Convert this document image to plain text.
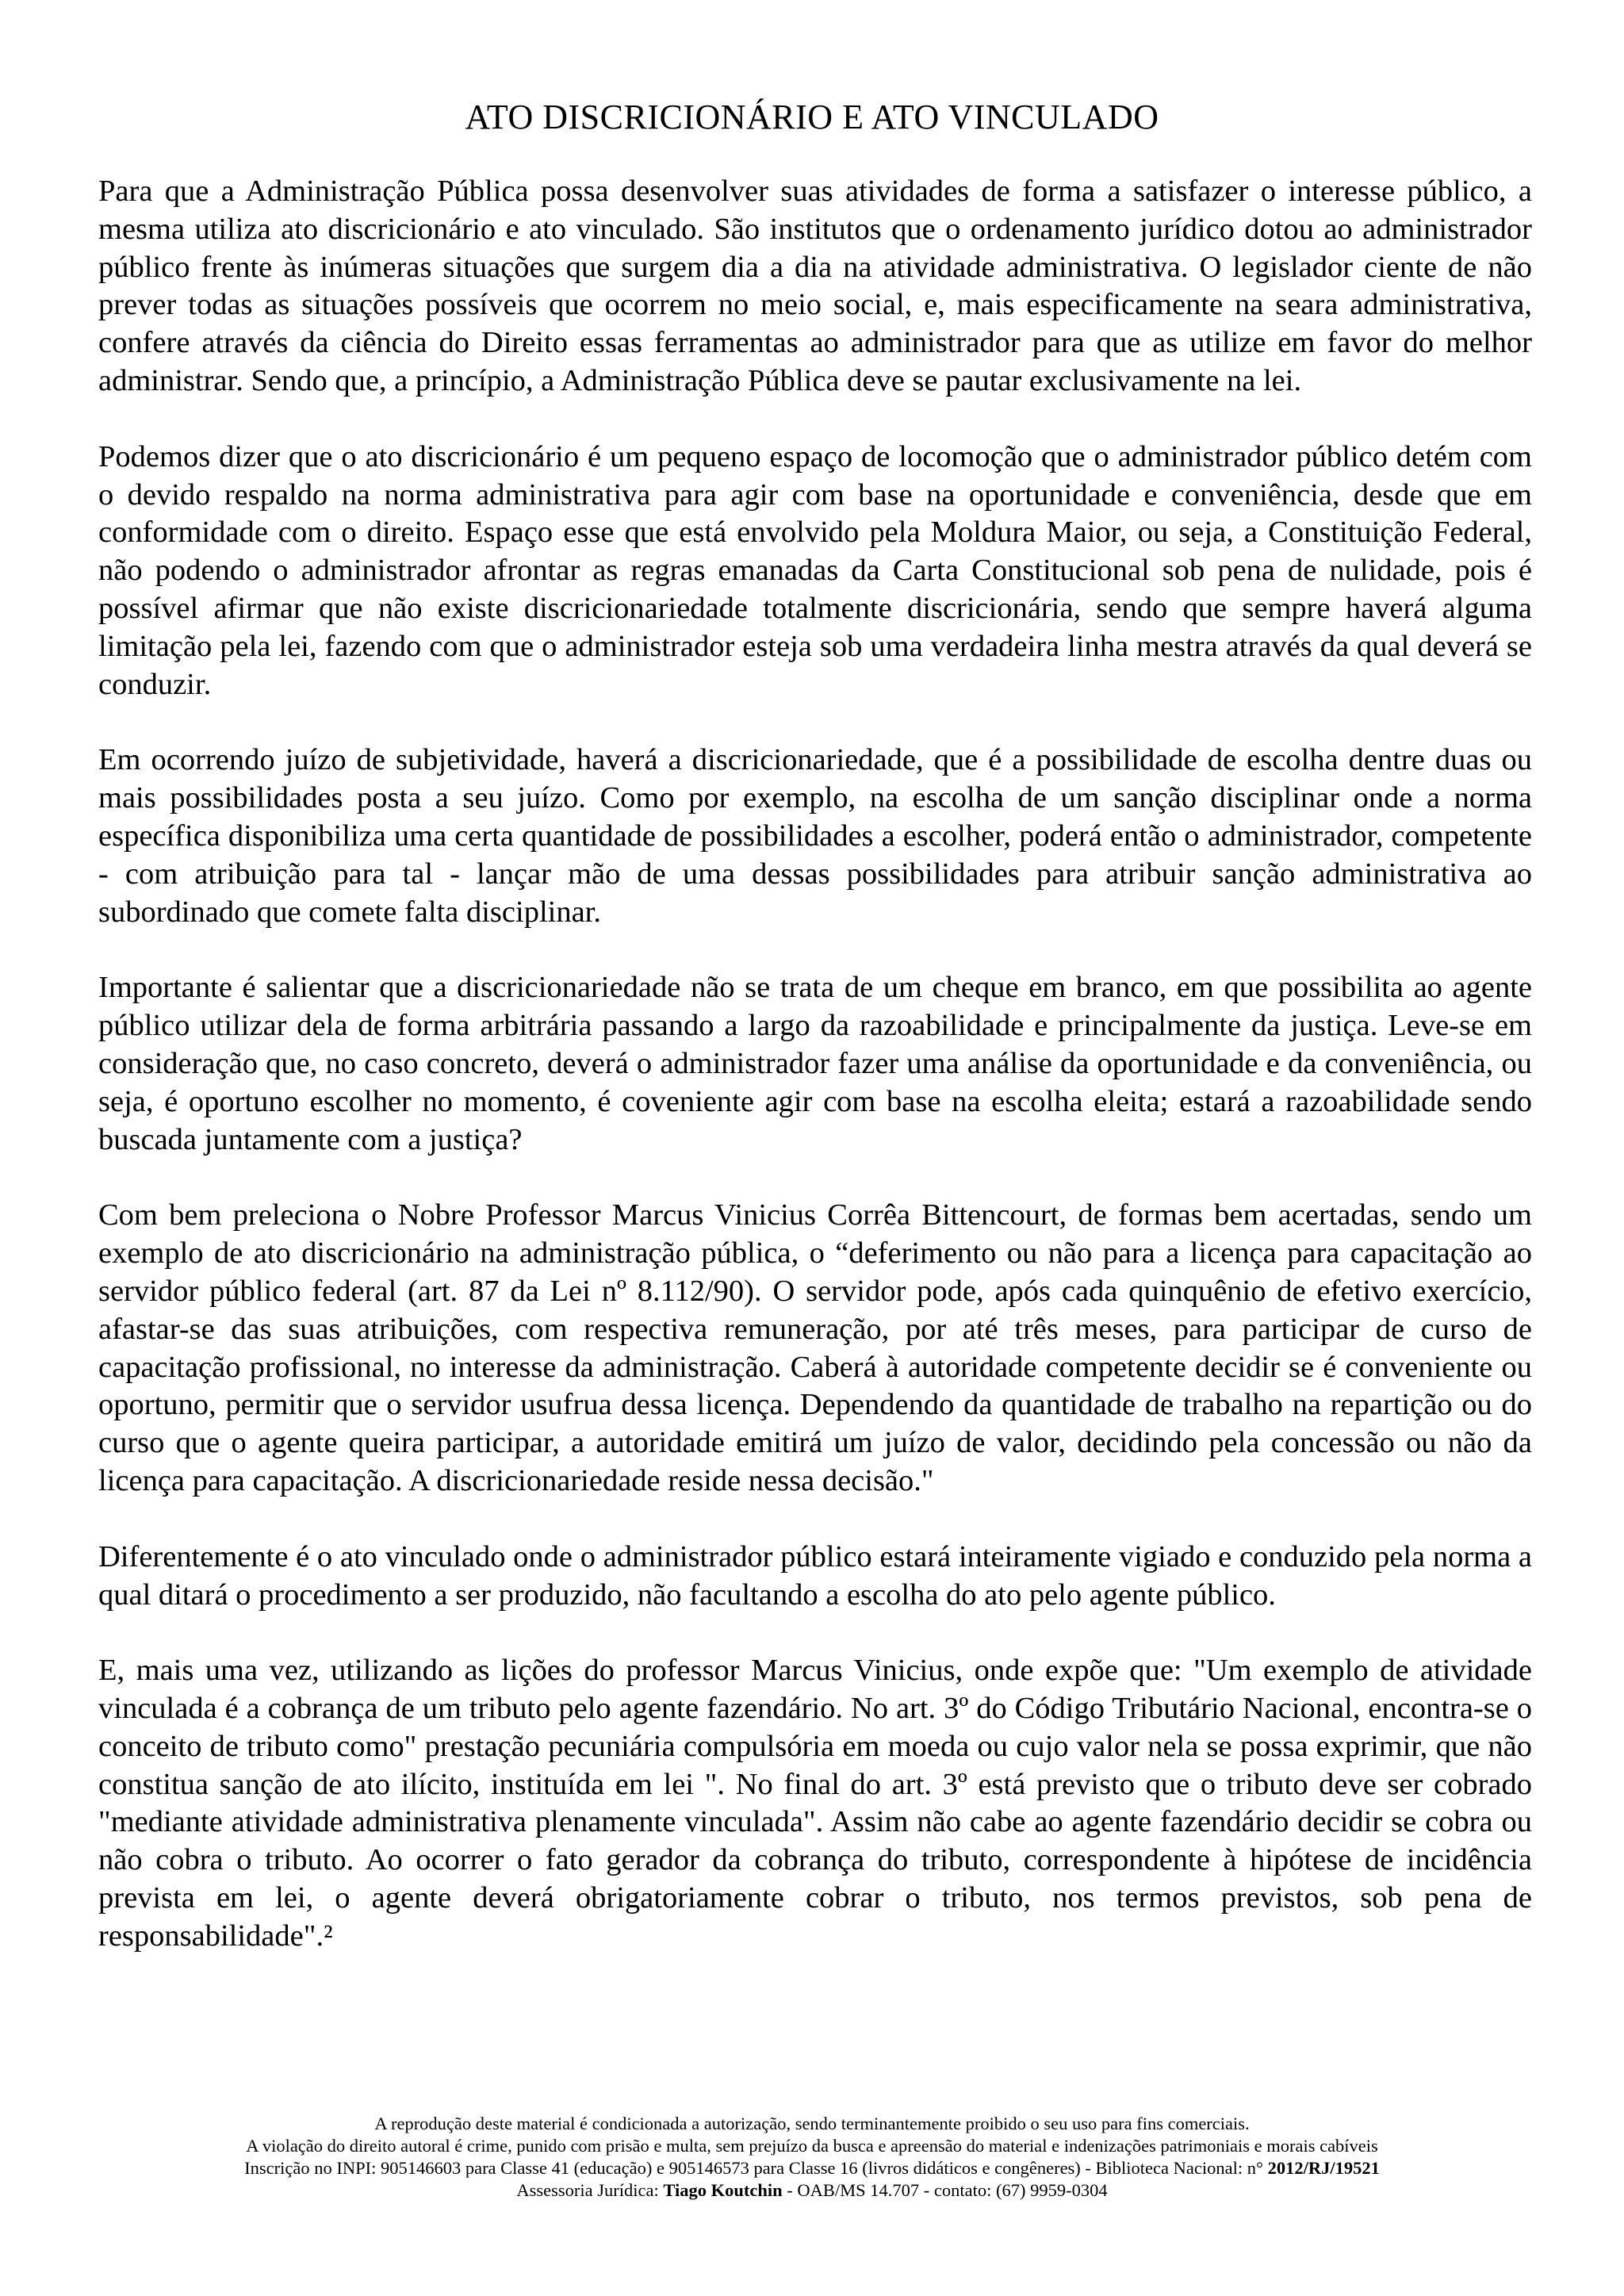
ATO DISCRICIONÁRIO E ATO VINCULADO

Para que a Administração Pública possa desenvolver suas atividades de forma a satisfazer o interesse público, a mesma utiliza ato discricionário e ato vinculado. São institutos que o ordenamento jurídico dotou ao administrador público frente às inúmeras situações que surgem dia a dia na atividade administrativa. O legislador ciente de não prever todas as situações possíveis que ocorrem no meio social, e, mais especificamente na seara administrativa, confere através da ciência do Direito essas ferramentas ao administrador para que as utilize em favor do melhor administrar. Sendo que, a princípio, a Administração Pública deve se pautar exclusivamente na lei.

Podemos dizer que o ato discricionário é um pequeno espaço de locomoção que o administrador público detém com o devido respaldo na norma administrativa para agir com base na oportunidade e conveniência, desde que em conformidade com o direito. Espaço esse que está envolvido pela Moldura Maior, ou seja, a Constituição Federal, não podendo o administrador afrontar as regras emanadas da Carta Constitucional sob pena de nulidade, pois é possível afirmar que não existe discricionariedade totalmente discricionária, sendo que sempre haverá alguma limitação pela lei, fazendo com que o administrador esteja sob uma verdadeira linha mestra através da qual deverá se conduzir.

Em ocorrendo juízo de subjetividade, haverá a discricionariedade, que é a possibilidade de escolha dentre duas ou mais possibilidades posta a seu juízo. Como por exemplo, na escolha de um sanção disciplinar onde a norma específica disponibiliza uma certa quantidade de possibilidades a escolher, poderá então o administrador, competente - com atribuição para tal - lançar mão de uma dessas possibilidades para atribuir sanção administrativa ao subordinado que comete falta disciplinar.

Importante é salientar que a discricionariedade não se trata de um cheque em branco, em que possibilita ao agente público utilizar dela de forma arbitrária passando a largo da razoabilidade e principalmente da justiça. Leve-se em consideração que, no caso concreto, deverá o administrador fazer uma análise da oportunidade e da conveniência, ou seja, é oportuno escolher no momento, é coveniente agir com base na escolha eleita; estará a razoabilidade sendo buscada juntamente com a justiça?

Com bem preleciona o Nobre Professor Marcus Vinicius Corrêa Bittencourt, de formas bem acertadas, sendo um exemplo de ato discricionário na administração pública, o “deferimento ou não para a licença para capacitação ao servidor público federal (art. 87 da Lei nº 8.112/90). O servidor pode, após cada quinquênio de efetivo exercício, afastar-se das suas atribuições, com respectiva remuneração, por até três meses, para participar de curso de capacitação profissional, no interesse da administração. Caberá à autoridade competente decidir se é conveniente ou oportuno, permitir que o servidor usufrua dessa licença. Dependendo da quantidade de trabalho na repartição ou do curso que o agente queira participar, a autoridade emitirá um juízo de valor, decidindo pela concessão ou não da licença para capacitação. A discricionariedade reside nessa decisão."

Diferentemente é o ato vinculado onde o administrador público estará inteiramente vigiado e conduzido pela norma a qual ditará o procedimento a ser produzido, não facultando a escolha do ato pelo agente público.

E, mais uma vez, utilizando as lições do professor Marcus Vinicius, onde expõe que: "Um exemplo de atividade vinculada é a cobrança de um tributo pelo agente fazendário. No art. 3º do Código Tributário Nacional, encontra-se o conceito de tributo como" prestação pecuniária compulsória em moeda ou cujo valor nela se possa exprimir, que não constitua sanção de ato ilícito, instituída em lei ". No final do art. 3º está previsto que o tributo deve ser cobrado "mediante atividade administrativa plenamente vinculada". Assim não cabe ao agente fazendário decidir se cobra ou não cobra o tributo. Ao ocorrer o fato gerador da cobrança do tributo, correspondente à hipótese de incidência prevista em lei, o agente deverá obrigatoriamente cobrar o tributo, nos termos previstos, sob pena de responsabilidade".²

A reprodução deste material é condicionada a autorização, sendo terminantemente proibido o seu uso para fins comerciais.
A violação do direito autoral é crime, punido com prisão e multa, sem prejuízo da busca e apreensão do material e indenizações patrimoniais e morais cabíveis
Inscrição no INPI: 905146603 para Classe 41 (educação) e 905146573 para Classe 16 (livros didáticos e congêneres) - Biblioteca Nacional: n° 2012/RJ/19521
Assessoria Jurídica: Tiago Koutchin - OAB/MS 14.707 - contato: (67) 9959-0304
